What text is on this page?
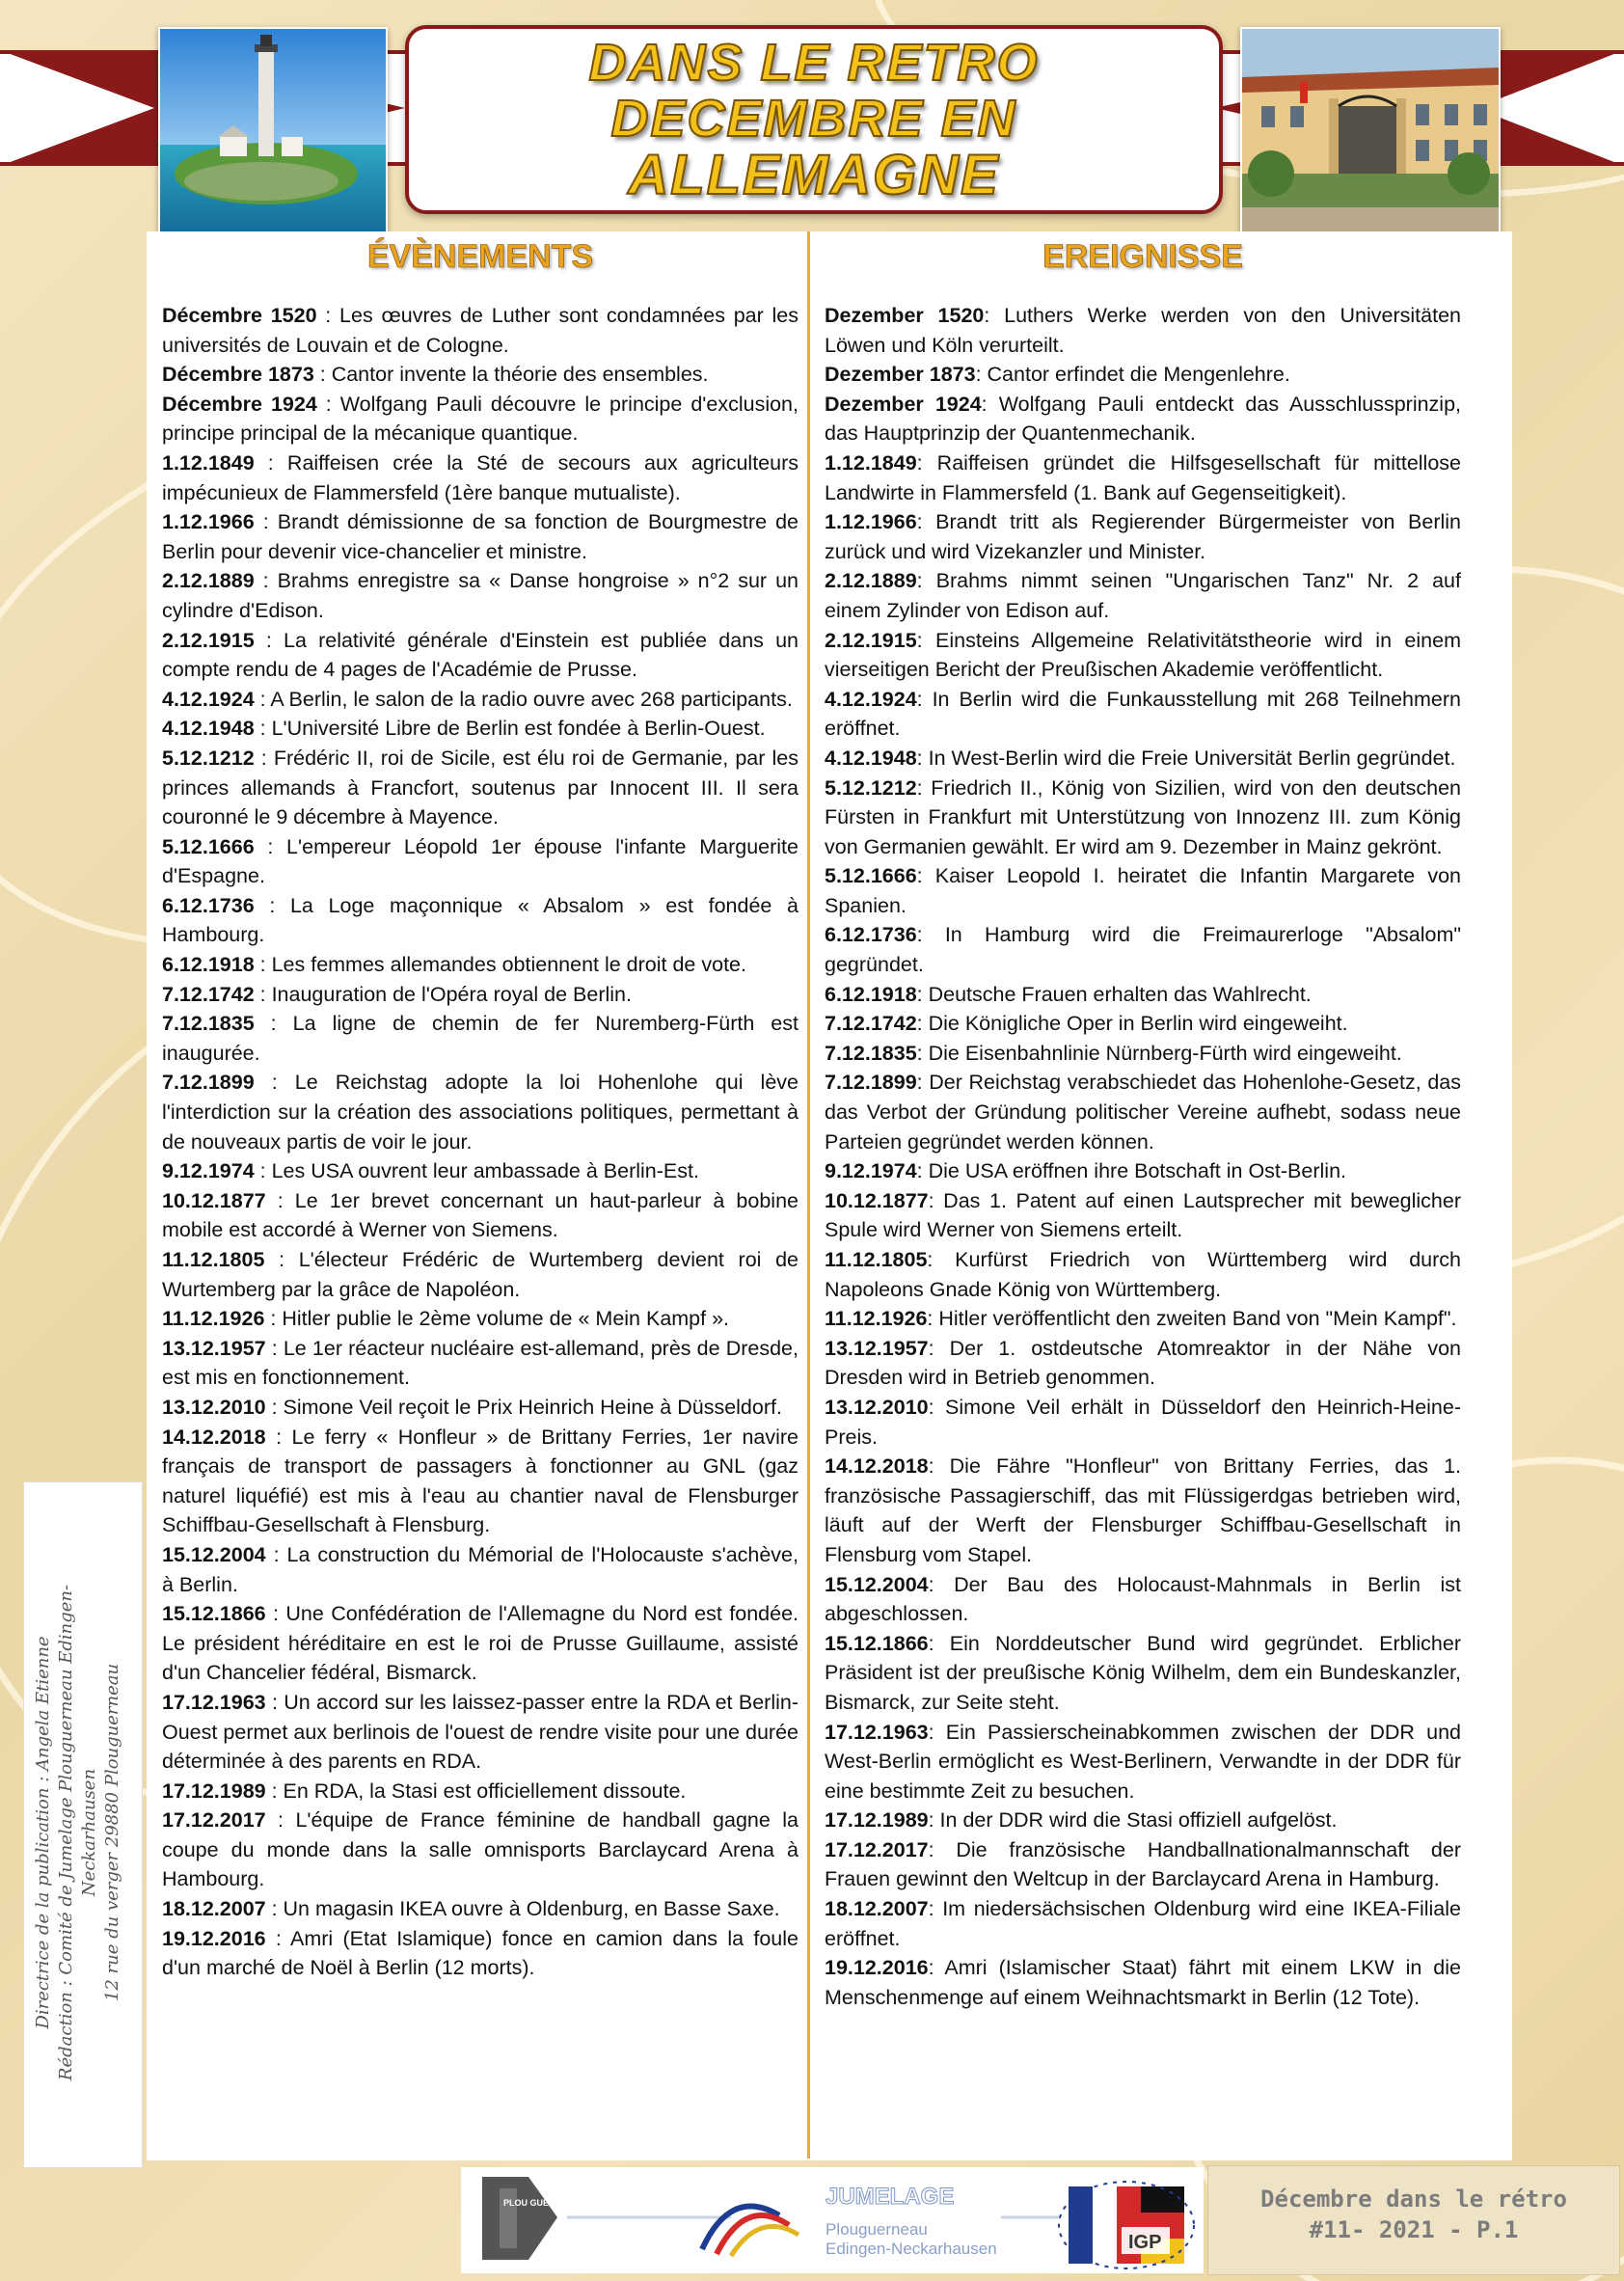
DANS LE RETRO
DECEMBRE EN
ALLEMAGNE
ÉVÈNEMENTS
Décembre 1520 : Les œuvres de Luther sont condamnées par les universités de Louvain et de Cologne.
Décembre 1873 : Cantor invente la théorie des ensembles.
Décembre 1924 : Wolfgang Pauli découvre le principe d'exclusion, principe principal de la mécanique quantique.
1.12.1849 : Raiffeisen crée la Sté de secours aux agriculteurs impécunieux de Flammersfeld (1ère banque mutualiste).
1.12.1966 : Brandt démissionne de sa fonction de Bourgmestre de Berlin pour devenir vice-chancelier et ministre.
2.12.1889 : Brahms enregistre sa « Danse hongroise » n°2 sur un cylindre d'Edison.
2.12.1915 : La relativité générale d'Einstein est publiée dans un compte rendu de 4 pages de l'Académie de Prusse.
4.12.1924 : A Berlin, le salon de la radio ouvre avec 268 participants.
4.12.1948 : L'Université Libre de Berlin est fondée à Berlin-Ouest.
5.12.1212 : Frédéric II, roi de Sicile, est élu roi de Germanie, par les princes allemands à Francfort, soutenus par Innocent III. Il sera couronné le 9 décembre à Mayence.
5.12.1666 : L'empereur Léopold 1er épouse l'infante Marguerite d'Espagne.
6.12.1736 : La Loge maçonnique « Absalom » est fondée à Hambourg.
6.12.1918 : Les femmes allemandes obtiennent le droit de vote.
7.12.1742 : Inauguration de l'Opéra royal de Berlin.
7.12.1835 : La ligne de chemin de fer Nuremberg-Fürth est inaugurée.
7.12.1899 : Le Reichstag adopte la loi Hohenlohe qui lève l'interdiction sur la création des associations politiques, permettant à de nouveaux partis de voir le jour.
9.12.1974 : Les USA ouvrent leur ambassade à Berlin-Est.
10.12.1877 : Le 1er brevet concernant un haut-parleur à bobine mobile est accordé à Werner von Siemens.
11.12.1805 : L'électeur Frédéric de Wurtemberg devient roi de Wurtemberg par la grâce de Napoléon.
11.12.1926 : Hitler publie le 2ème volume de « Mein Kampf ».
13.12.1957 : Le 1er réacteur nucléaire est-allemand, près de Dresde, est mis en fonctionnement.
13.12.2010 : Simone Veil reçoit le Prix Heinrich Heine à Düsseldorf.
14.12.2018 : Le ferry « Honfleur » de Brittany Ferries, 1er navire français de transport de passagers à fonctionner au GNL (gaz naturel liquéfié) est mis à l'eau au chantier naval de Flensburger Schiffbau-Gesellschaft à Flensburg.
15.12.2004 : La construction du Mémorial de l'Holocauste s'achève, à Berlin.
15.12.1866 : Une Confédération de l'Allemagne du Nord est fondée. Le président héréditaire en est le roi de Prusse Guillaume, assisté d'un Chancelier fédéral, Bismarck.
17.12.1963 : Un accord sur les laissez-passer entre la RDA et Berlin-Ouest permet aux berlinois de l'ouest de rendre visite pour une durée déterminée à des parents en RDA.
17.12.1989 : En RDA, la Stasi est officiellement dissoute.
17.12.2017 : L'équipe de France féminine de handball gagne la coupe du monde dans la salle omnisports Barclaycard Arena à Hambourg.
18.12.2007 : Un magasin IKEA ouvre à Oldenburg, en Basse Saxe.
19.12.2016 : Amri (Etat Islamique) fonce en camion dans la foule d'un marché de Noël à Berlin (12 morts).
EREIGNISSE
Dezember 1520: Luthers Werke werden von den Universitäten Löwen und Köln verurteilt.
Dezember 1873: Cantor erfindet die Mengenlehre.
Dezember 1924: Wolfgang Pauli entdeckt das Ausschlussprinzip, das Hauptprinzip der Quantenmechanik.
1.12.1849: Raiffeisen gründet die Hilfsgesellschaft für mittellose Landwirte in Flammersfeld (1. Bank auf Gegenseitigkeit).
1.12.1966: Brandt tritt als Regierender Bürgermeister von Berlin zurück und wird Vizekanzler und Minister.
2.12.1889: Brahms nimmt seinen "Ungarischen Tanz" Nr. 2 auf einem Zylinder von Edison auf.
2.12.1915: Einsteins Allgemeine Relativitätstheorie wird in einem vierseitigen Bericht der Preußischen Akademie veröffentlicht.
4.12.1924: In Berlin wird die Funkausstellung mit 268 Teilnehmern eröffnet.
4.12.1948: In West-Berlin wird die Freie Universität Berlin gegründet.
5.12.1212: Friedrich II., König von Sizilien, wird von den deutschen Fürsten in Frankfurt mit Unterstützung von Innozenz III. zum König von Germanien gewählt. Er wird am 9. Dezember in Mainz gekrönt.
5.12.1666: Kaiser Leopold I. heiratet die Infantin Margarete von Spanien.
6.12.1736: In Hamburg wird die Freimaurerloge "Absalom" gegründet.
6.12.1918: Deutsche Frauen erhalten das Wahlrecht.
7.12.1742: Die Königliche Oper in Berlin wird eingeweiht.
7.12.1835: Die Eisenbahnlinie Nürnberg-Fürth wird eingeweiht.
7.12.1899: Der Reichstag verabschiedet das Hohenlohe-Gesetz, das das Verbot der Gründung politischer Vereine aufhebt, sodass neue Parteien gegründet werden können.
9.12.1974: Die USA eröffnen ihre Botschaft in Ost-Berlin.
10.12.1877: Das 1. Patent auf einen Lautsprecher mit beweglicher Spule wird Werner von Siemens erteilt.
11.12.1805: Kurfürst Friedrich von Württemberg wird durch Napoleons Gnade König von Württemberg.
11.12.1926: Hitler veröffentlicht den zweiten Band von "Mein Kampf".
13.12.1957: Der 1. ostdeutsche Atomreaktor in der Nähe von Dresden wird in Betrieb genommen.
13.12.2010: Simone Veil erhält in Düsseldorf den Heinrich-Heine-Preis.
14.12.2018: Die Fähre "Honfleur" von Brittany Ferries, das 1. französische Passagierschiff, das mit Flüssigerdgas betrieben wird, läuft auf der Werft der Flensburger Schiffbau-Gesellschaft in Flensburg vom Stapel.
15.12.2004: Der Bau des Holocaust-Mahnmals in Berlin ist abgeschlossen.
15.12.1866: Ein Norddeutscher Bund wird gegründet. Erblicher Präsident ist der preußische König Wilhelm, dem ein Bundeskanzler, Bismarck, zur Seite steht.
17.12.1963: Ein Passierscheinabkommen zwischen der DDR und West-Berlin ermöglicht es West-Berlinern, Verwandte in der DDR für eine bestimmte Zeit zu besuchen.
17.12.1989: In der DDR wird die Stasi offiziell aufgelöst.
17.12.2017: Die französische Handballnationalmannschaft der Frauen gewinnt den Weltcup in der Barclaycard Arena in Hamburg.
18.12.2007: Im niedersächsischen Oldenburg wird eine IKEA-Filiale eröffnet.
19.12.2016: Amri (Islamischer Staat) fährt mit einem LKW in die Menschenmenge auf einem Weihnachtsmarkt in Berlin (12 Tote).
Directrice de la publication : Angela Etienne Rédaction : Comité de Jumelage Plouguerneau Edingen-Neckarhausen 12 rue du verger 29880 Plouguerneau
PLOU GUER NEAU	JUMELAGE
Plouguerneau
Edingen-Neckarhausen	IGP
Décembre dans le rétro
#11- 2021 - P.1
